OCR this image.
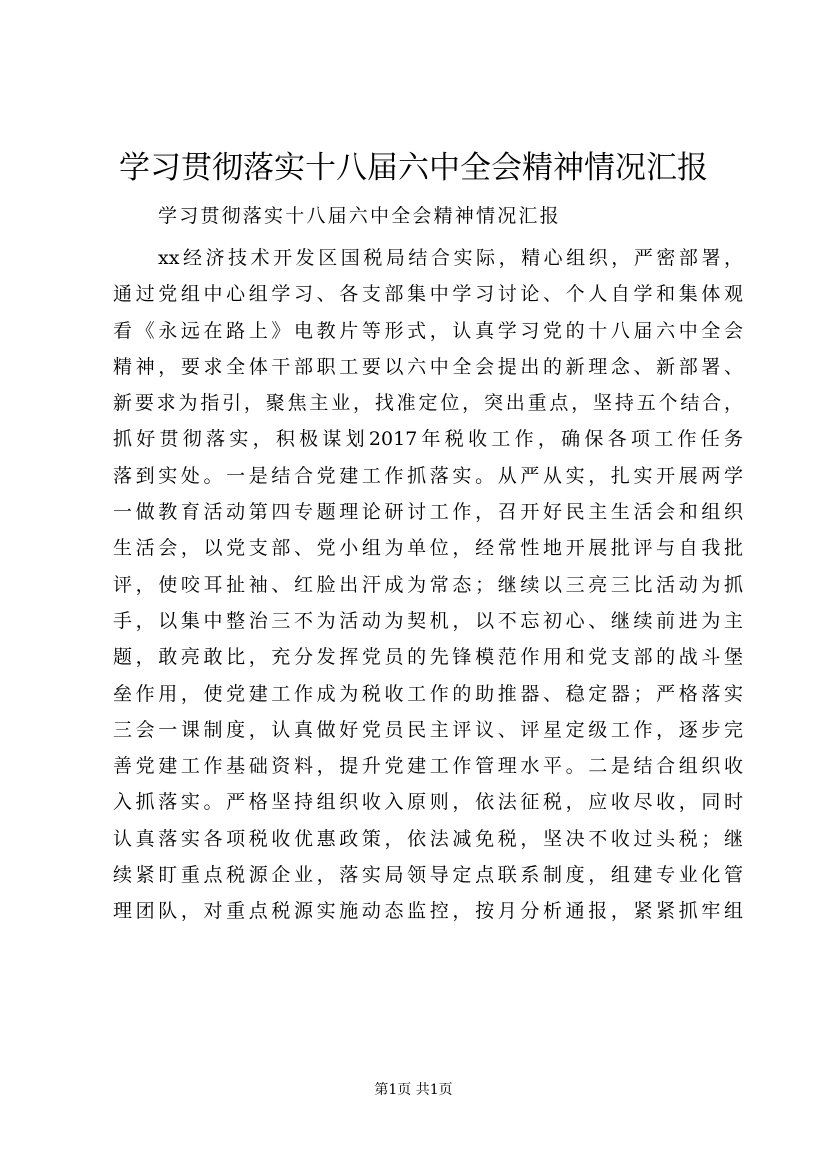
学习贯彻落实十八届六中全会精神情况汇报
学习贯彻落实十八届六中全会精神情况汇报
xx经济技术开发区国税局结合实际，精心组织，严密部署，
通过党组中心组学习、各支部集中学习讨论、个人自学和集体观
看《永远在路上》电教片等形式，认真学习党的十八届六中全会
精神，要求全体干部职工要以六中全会提出的新理念、新部署、
新要求为指引，聚焦主业，找准定位，突出重点，坚持五个结合，
抓好贯彻落实，积极谋划2017年税收工作，确保各项工作任务
落到实处。一是结合党建工作抓落实。从严从实，扎实开展两学
一做教育活动第四专题理论研讨工作，召开好民主生活会和组织
生活会，以党支部、党小组为单位，经常性地开展批评与自我批
评，使咬耳扯袖、红脸出汗成为常态；继续以三亮三比活动为抓
手，以集中整治三不为活动为契机，以不忘初心、继续前进为主
题，敢亮敢比，充分发挥党员的先锋模范作用和党支部的战斗堡
垒作用，使党建工作成为税收工作的助推器、稳定器；严格落实
三会一课制度，认真做好党员民主评议、评星定级工作，逐步完
善党建工作基础资料，提升党建工作管理水平。二是结合组织收
入抓落实。严格坚持组织收入原则，依法征税，应收尽收，同时
认真落实各项税收优惠政策，依法减免税，坚决不收过头税；继
续紧盯重点税源企业，落实局领导定点联系制度，组建专业化管
理团队，对重点税源实施动态监控，按月分析通报，紧紧抓牢组
第1页 共1页
